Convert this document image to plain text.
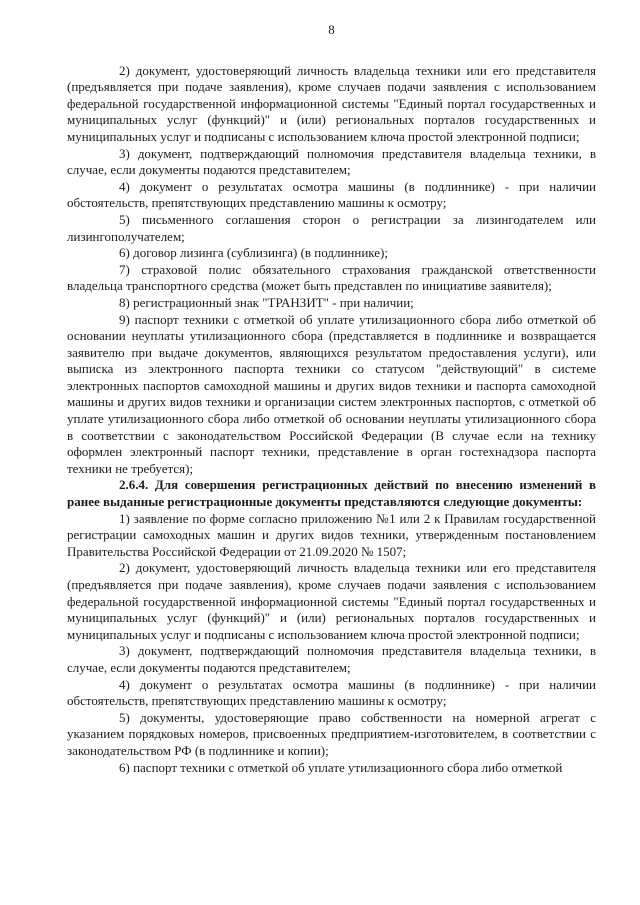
8

2) документ, удостоверяющий личность владельца техники или его представителя (предъявляется при подаче заявления), кроме случаев подачи заявления с использованием федеральной государственной информационной системы "Единый портал государственных и муниципальных услуг (функций)" и (или) региональных порталов государственных и муниципальных услуг и подписаны с использованием ключа простой электронной подписи;

3) документ, подтверждающий полномочия представителя владельца техники, в случае, если документы подаются представителем;

4) документ о результатах осмотра машины (в подлиннике) - при наличии обстоятельств, препятствующих представлению машины к осмотру;

5) письменного соглашения сторон о регистрации за лизингодателем или лизингополучателем;

6) договор лизинга (сублизинга) (в подлиннике);

7) страховой полис обязательного страхования гражданской ответственности владельца транспортного средства (может быть представлен по инициативе заявителя);

8) регистрационный знак "ТРАНЗИТ" - при наличии;

9) паспорт техники с отметкой об уплате утилизационного сбора либо отметкой об основании неуплаты утилизационного сбора (представляется в подлиннике и возвращается заявителю при выдаче документов, являющихся результатом предоставления услуги), или выписка из электронного паспорта техники со статусом "действующий" в системе электронных паспортов самоходной машины и других видов техники и паспорта самоходной машины и других видов техники и организации систем электронных паспортов, с отметкой об уплате утилизационного сбора либо отметкой об основании неуплаты утилизационного сбора в соответствии с законодательством Российской Федерации (В случае если на технику оформлен электронный паспорт техники, представление в орган гостехнадзора паспорта техники не требуется);

2.6.4. Для совершения регистрационных действий по внесению изменений в ранее выданные регистрационные документы представляются следующие документы:

1) заявление по форме согласно приложению №1 или 2 к Правилам государственной регистрации самоходных машин и других видов техники, утвержденным постановлением Правительства Российской Федерации от 21.09.2020 № 1507;

2) документ, удостоверяющий личность владельца техники или его представителя (предъявляется при подаче заявления), кроме случаев подачи заявления с использованием федеральной государственной информационной системы "Единый портал государственных и муниципальных услуг (функций)" и (или) региональных порталов государственных и муниципальных услуг и подписаны с использованием ключа простой электронной подписи;

3) документ, подтверждающий полномочия представителя владельца техники, в случае, если документы подаются представителем;

4) документ о результатах осмотра машины (в подлиннике) - при наличии обстоятельств, препятствующих представлению машины к осмотру;

5) документы, удостоверяющие право собственности на номерной агрегат с указанием порядковых номеров, присвоенных предприятием-изготовителем, в соответствии с законодательством РФ (в подлиннике и копии);

6) паспорт техники с отметкой об уплате утилизационного сбора либо отметкой
